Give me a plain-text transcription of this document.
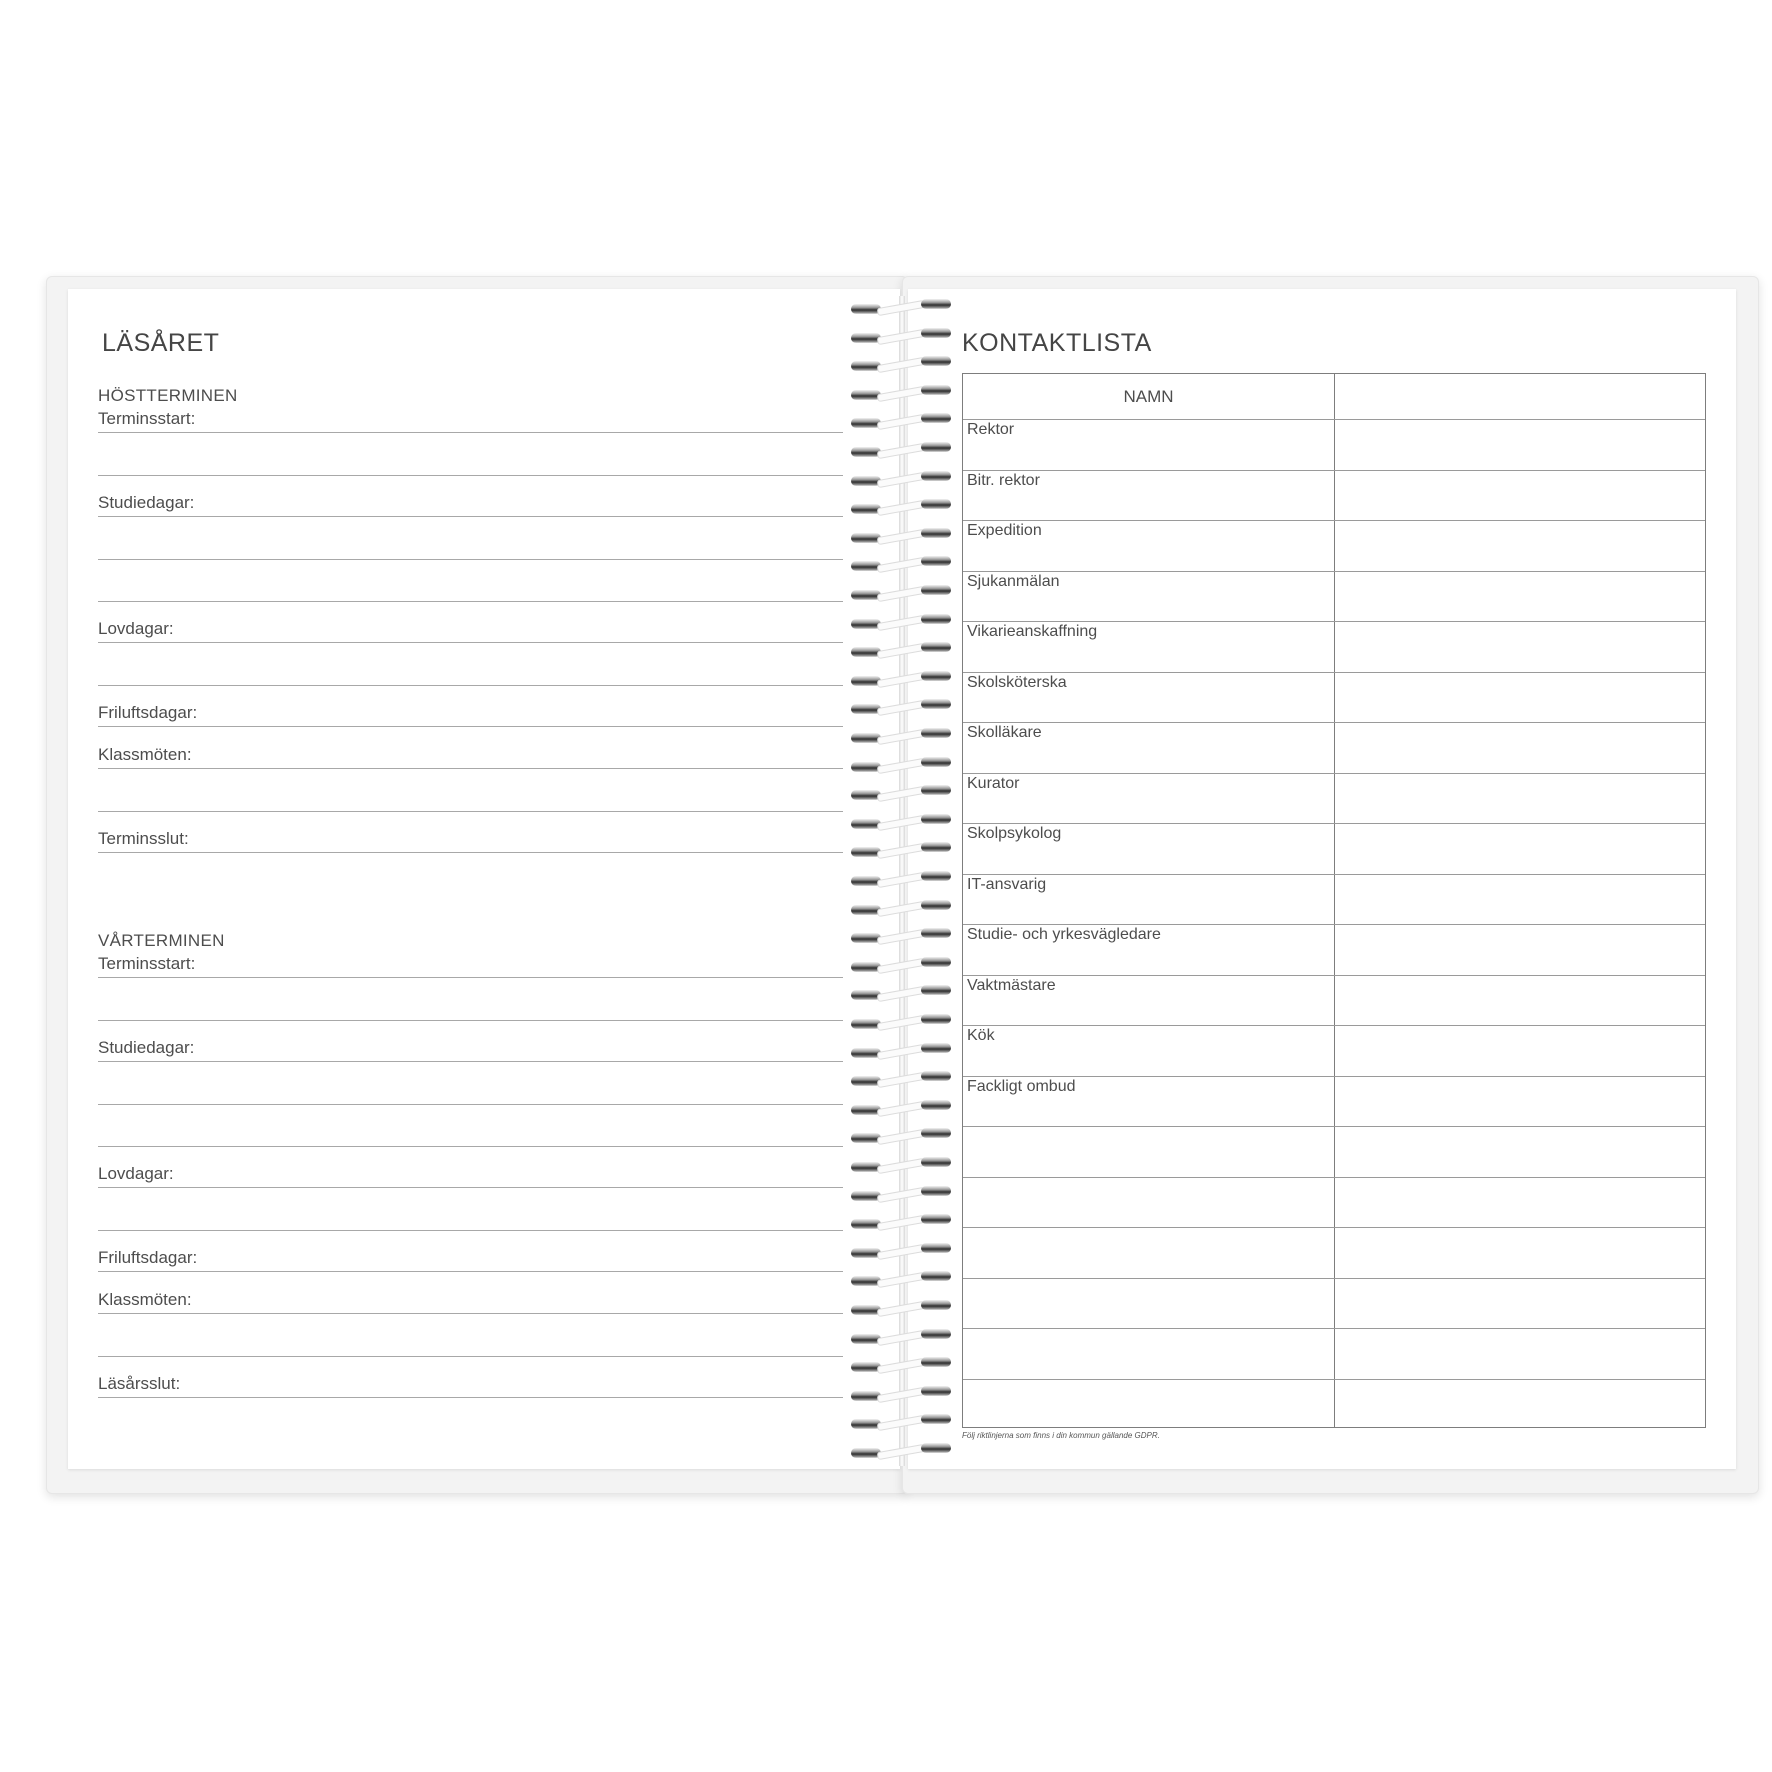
LÄSÅRET
HÖSTTERMINEN
Terminsstart:
Studiedagar:
Lovdagar:
Friluftsdagar:
Klassmöten:
Terminsslut:
VÅRTERMINEN
Terminsstart:
Studiedagar:
Lovdagar:
Friluftsdagar:
Klassmöten:
Läsårsslut:
KONTAKTLISTA
NAMN
Rektor
Bitr. rektor
Expedition
Sjukanmälan
Vikarieanskaffning
Skolsköterska
Skolläkare
Kurator
Skolpsykolog
IT-ansvarig
Studie- och yrkesvägledare
Vaktmästare
Kök
Fackligt ombud
Följ riktlinjerna som finns i din kommun gällande GDPR.
